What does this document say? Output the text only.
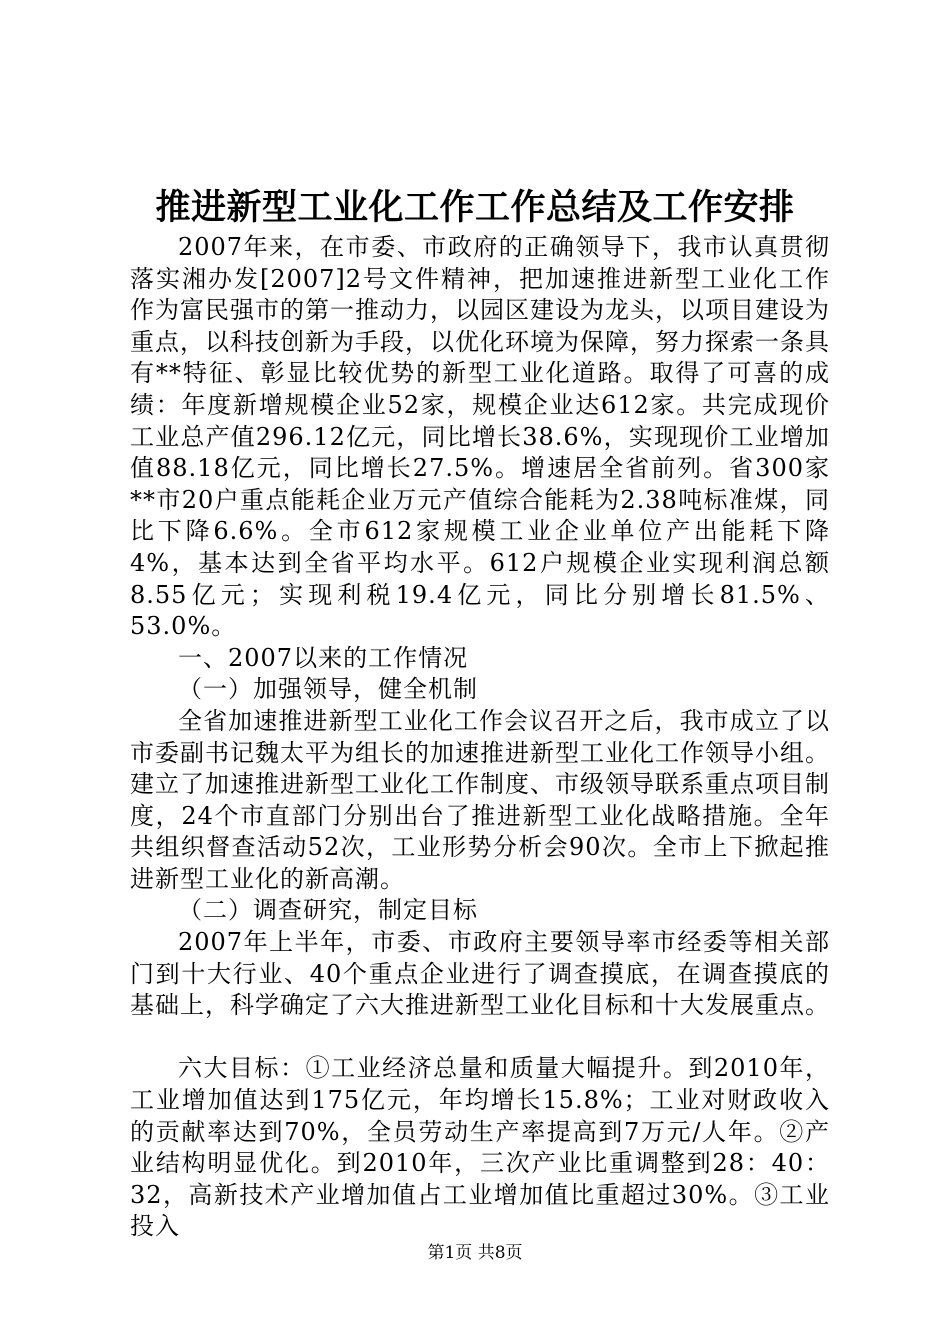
推进新型工业化工作工作总结及工作安排

2007年来，在市委、市政府的正确领导下，我市认真贯彻落实湘办发[2007]2号文件精神，把加速推进新型工业化工作作为富民强市的第一推动力，以园区建设为龙头，以项目建设为重点，以科技创新为手段，以优化环境为保障，努力探索一条具有**特征、彰显比较优势的新型工业化道路。取得了可喜的成绩：年度新增规模企业52家，规模企业达612家。共完成现价工业总产值296.12亿元，同比增长38.6%，实现现价工业增加值88.18亿元，同比增长27.5%。增速居全省前列。省300家**市20户重点能耗企业万元产值综合能耗为2.38吨标准煤，同比下降6.6%。全市612家规模工业企业单位产出能耗下降4%，基本达到全省平均水平。612户规模企业实现利润总额8.55亿元；实现利税19.4亿元，同比分别增长81.5%、53.0%。

一、2007以来的工作情况

（一）加强领导，健全机制

全省加速推进新型工业化工作会议召开之后，我市成立了以市委副书记魏太平为组长的加速推进新型工业化工作领导小组。建立了加速推进新型工业化工作制度、市级领导联系重点项目制度，24个市直部门分别出台了推进新型工业化战略措施。全年共组织督查活动52次，工业形势分析会90次。全市上下掀起推进新型工业化的新高潮。

（二）调查研究，制定目标

2007年上半年，市委、市政府主要领导率市经委等相关部门到十大行业、40个重点企业进行了调查摸底，在调查摸底的基础上，科学确定了六大推进新型工业化目标和十大发展重点。

六大目标：①工业经济总量和质量大幅提升。到2010年，工业增加值达到175亿元，年均增长15.8%；工业对财政收入的贡献率达到70%，全员劳动生产率提高到7万元/人年。②产业结构明显优化。到2010年，三次产业比重调整到28：40：32，高新技术产业增加值占工业增加值比重超过30%。③工业投入

第1页 共8页
